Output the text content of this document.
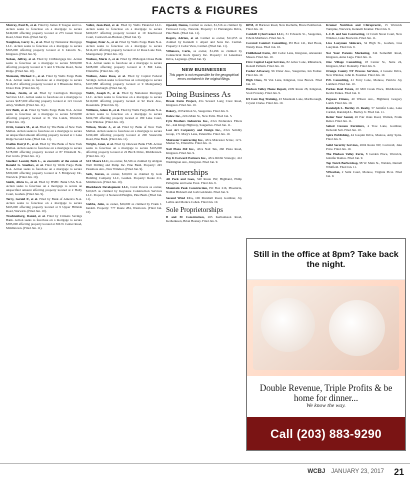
FACTS & FIGURES
Murray, Paul B., et al. Filed by James P. Teague and Co. Action seeks to foreclose on a mortgage to secure $249,600 affecting property located at 275 Green Street Road, Ulster Park. (Filed Jan 9).
Naughton, Garry G., et al. Filed by Nationstar Mortgage LLC. Action seeks to foreclose on a mortgage to secure $365,000 affecting property located at 6 Lincoln St., Kingston. (Filed Jan. 9).
Nelson, Jeffrey, et al. Filed by CitiMortgage Inc. Action seeks to foreclose on a mortgage to secure $500,000 affecting property located at 5 and 6 Thorne Road, Stone Ridge. (Filed Jan. 10).
Niemann, Michael C., et al. Filed by Wells Fargo Bank N.A. Action seeks to foreclose on a mortgage to secure $214,431 affecting property located at 3 Bluestone Drive, Ulster Park. (Filed Jan. 9).
Nelson, Justin, et al. Filed by Carrington Mortgage Services LLC. Action seeks to foreclose on a mortgage to secure $187,000 affecting property located at 121 Crown Alley, Wallkill. (Filed Jan. 11).
Orr Built, et al. Filed by Wells Fargo Bank N.A. Action seeks to foreclose on a mortgage to secure $150,000 affecting property located at 31 Vaa Lands, Warwick. (Filed Jan. 10).
Ortiz, Genera M., et al. Filed by The Bank of New York Mellon. Action seeks to foreclose on a mortgage to secure an unspecified amount affecting property located at 1 Lake Ridge Second Lane. (Filed Jan. 11).
Osellus Darryl E., et al. Filed by The Bank of New York Mellon. Action seeks to foreclose on a mortgage to secure $178,000 affecting property located at 87 Elizabeth St., Port Jervis. (Filed Jan. 11).
Smelkov Leonid, Beth L., as executrix of the estate of Ronald G. Smelkov, et al. Filed by Wells Fargo Bank N.A. Action seeks to foreclose on a mortgage to secure $300,600 affecting property located at 5 Bridgeway Dr., Warwick. (Filed Jan. 10).
Smith, Alicia G., et al. Filed by HSBC Bank USA N.A. Action seeks to foreclose on a mortgage to secure an unspecified amount affecting property located at 2 Holly Court, Goshen. (Filed Jan. 9).
Terry, Gerald P., et al. Filed by Bank of America N.A. Action seeks to foreclose on a mortgage to secure $263,000 affecting property located at 9 Upper Hillside Road, Warwick. (Filed Jan. 10).
Trachtenberg, Daniel, et al. Filed by Citizens Savings Bank. Action seeks to foreclose on a mortgage to secure $385,000 affecting property located at 366 N. Center Road, Middletown. (Filed Jan. 11).
Valler, Jean-Paul, et al. Filed by Wells Financial LLC. Action seeks to foreclose on a mortgage to secure $260,657 affecting property located at 19 Knollwood Court, Cornwall-on-Hudson. (Filed Jan. 9).
Wagner, Peter A., et al. Filed by Wells Fargo Bank N.A. Action seeks to foreclose on a mortgage to secure $214,415 affecting property located at 12 Rose Lane East, Montgomery. (Filed Jan. 10).
Wallace, Marie J., et al. Filed by JPMorgan Chase Bank N.A. Action seeks to foreclose on a mortgage to secure $208,000 affecting property located at 3 Bill Lane, Ellenville. (Filed Jan. 10).
Wallace, Anna Rosa, et al. Filed by Capital Federal Savings. Action seeks to foreclose on a mortgage to secure $167,888 affecting property located at 9 Montgomery Road, Newburgh. (Filed Jan. 9).
Webb, Joseph E., et al. Filed by Nationstar Mortgage LLC. Action seeks to foreclose on a mortgage to secure $210,000 affecting property located at 92 Rock Ave., Rosendale. (Filed Jan. 9).
Williams, Adam R., et al. Filed by Wells Fargo Bank N.A. Action seeks to foreclose on a mortgage to secure $262,700 affecting property located at 180 Lake Court, New Windsor. (Filed Jan. 10).
Wilson, Nicole J., et al. Filed by Bank of New York Mellon. Action seeks to foreclose on a mortgage to secure $190,400 affecting property located at 200 Stoneville Road, Pine Bush. (Filed Jan. 11).
Wright, Janet, et al. Filed by Onewest Bank FSB. Action seeks to foreclose on a mortgage to secure $165,000 affecting property located at 22 Birch Drive, Middletown. (Filed Jan. 11).
SCI Moore LLC, no owner, $2,526 as claimed by Aldgate Well Drilling and Pump Inc. Pine Bush. Property: 245 Passmore Ave., New Windsor. (Filed Jan. 9).
Seth, Steven, as owner, $10,001 as claimed by Gale Building Company LLC, Goshen. Property: Route 211, Middletown. (Filed Jan. 10).
Blackhawk Development LLC, Carol Powers as owner, $10,025 as claimed by Keystone Construction Services LLC. Property: 4 Stonewall Heights, Pine Bush. (Filed Jan. 11).
Stebbe, John, as owner, $26,000 as claimed by Frank J. Iandoli. Property: 777 Route 284, Westtown. (Filed Jan. 10).
Opeskil, Donna, Carmel as owner, $1,516 as claimed by Fenwood Corp., Newark. Property: 11 Pietrangelo Drive, Pine Bush. (Filed Jan. 11).
Rogers, Adrian, et al. Carmel as owner, $11,055 as claimed by Kenneth J. Alpert and Sons Inc. Carmel. Property: 2 Cedar View, Carmel. (Filed Jan. 11).
Villanova, Carlo, as owner, $1,296 as claimed by Connecticut Rock Quarry Inc. Property: 14 Lakeshore Drive, Lagrange. (Filed Jan. 9).
NEW BUSINESSES
This paper is not responsible for the geographical errors contained in the original filings.
Doing Business As
Brook Farm Project, 45a Seward Long Crest Road, Kingston. Filed Jan. 10.
Bakery, 19 Partition St., Saugerties. Filed Jan. 9.
Dalow Inc., 222a Main St., New Paltz. Filed Jan. 5.
Fyfe Brothers Industries Inc., d/b/a Endurance Filters Inc., 444 Kings Highway, Saugerties. Filed Jan. 11.
Lost Art Carpentry and Design Inc., d/b/a Solidity Group, 171 Mary's Lane, Palenville. Filed Jan. 10.
Malcaster Contracting Inc., d/b/a Malcaster Scitec, 12 S. Market St., Ellenville. Filed Jan. 11.
Nail Plaza 360 Inc., d/b/a Nail Tek, 260 Plaza Road, Kingston. Filed Jan. 9.
Pay It Forward Partners Inc., d/b/a Ribbit Strategic, 412 Washington Ave., Kingston. Filed Jan. 9.
Partnerships
All Pack and Goes, 340 Route 9W, Highland, Philip Pellegrino and Gene Frost. Filed Jan. 9.
Mountain Peak Construction, PO Box 216, Phoenicia, Nathan Bicknell and Josh Goldstein. Filed Jan. 9.
Second Wind CCs, 106 Marshall Road, Gardiner, Jay Lethra and Monica Cohen. Filed Jan. 10.
Sole Proprietorships
B and M Construction, 265 Kerhonkson Road, Kerhonkson, Brian Heaney. Filed Jan. 9.
RPM, 45 Barlowe Road, New Rochelle, Bruce Pemberton. Filed Jan. 10.
Catskill CyberCasket LLC, 31 Edwards St., Saugerties, Edwin Matthews. Filed Jan. 9.
Covered Comfort Consulting, PO Box 141, Red Hook, Wendy Rose. Filed Jan. 10.
Fiddlehead Farm, 490 Cedar Lane, Kingston, Alexander Mason. Filed Jan. 10.
First Capital Legal Services, 82 Arbor Lane, Rhinebeck, Ronald Pelham. Filed Jan. 10.
Fosher Advocacy, 96 Ulster Ave., Saugerties, Ian Fosher. Filed Jan. 10.
High Class, 39 Van Lane, Kingston, Lisa Brown. Filed Jan. 10.
Hudson Valley Home Repair, 2209 Route 28, Kingston, Scott Frawley. Filed Jan. 9.
K9 Care Dog Training, 43 Mountain Lane, Marlborough, Crystal Clarke. Filed Jan. 10.
Kramer Nutrition and Chiropractic, 15 Warwick Turnpike, Warwick, Kenneth Kramer. Filed Jan. 9.
L.C.B. and Son Contracting, 12 Crush Street Court, New Windsor, Luke Bostwick. Filed Jan. 11.
Lisa Louyman Skincare, 34 High St., Goshen, Lisa Louyman. Filed Jan. 9.
Not Your Parents Marketing, 344 Somerhill Road, Kingston, Anna Lugo. Filed Jan. 11.
One Village Consulting, 18 Center St., Suite 24, Kingston, Marc Donnelly. Filed Jan. 9.
Orange County NY Process Services, 4 Greene Drive, New Windsor, John R. Fournier. Filed Jan. 10.
PJL Consulting, 41 Ferry Lane, Monroe, Patricia Joy Lambert. Filed Jan. 10.
Parkes Real Estate, 20 Mill Creek Place, Middletown, Kevin Parkes. Filed Jan. 9.
Pegasus Fitness, 40 Wilson Ave., Highland, Gregory Lamb. Filed Jan. 10.
Randolph L. Bartley Jr. Realty, 57 Jennifer Lane, Lake Carmel, Randolph L. Bartley Jr. Filed Jan. 11.
Reiter Your Sound, 26 Fair Oaks Road, Walden, Frank Reiter. Filed Jan. 11.
Salted Custom Furniture, 4 Tree Lane, Gardiner, Deborah Salt. Filed Jan. 10.
Spire Publishing, 44 Joaquin Drive, Monroe, Amy Spire. Filed Jan. 9.
Solid Security Services, 2604 Route 9W, Cornwall, Jake Price. Filed Jan. 10.
The Hudson Valley Farm, 8 Garden Place, Warwick, Jennifer Ramos. Filed Jan. 9.
Top Notch Barbershop, 98 W. Main St., Walden, Darnell Whitfield. Filed Jan. 11.
VPicotlan, 2 Saint Court, Monroe, Virginia Picot. Filed Jan. 9.
Still in the office at 8pm? Take back the night.
Double Revenue, Triple Profits & be home for dinner...
We know the way.
Call (203) 883-9290
WCBJ JANUARY 23, 2017 21
